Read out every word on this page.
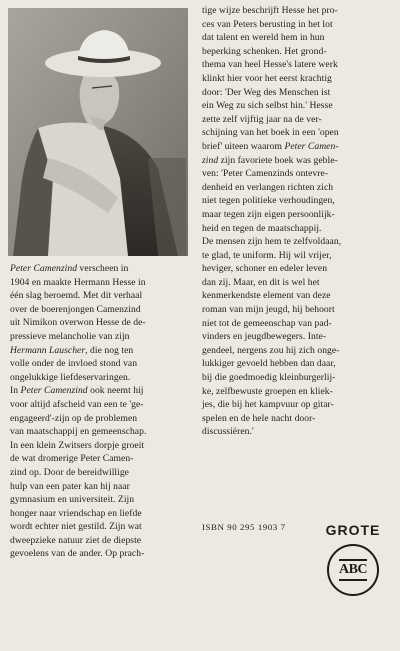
Peter Camenzind verscheen in
1904 en maakte Hermann Hesse in
één slag beroemd. Met dit verhaal
over de boerenjongen Camenzind
uit Nimikon overwon Hesse de de-
pressieve melancholie van zijn
Hermann Lauscher, die nog ten
volle onder de invloed stond van
ongelukkige liefdeservaringen.
In Peter Camenzind ook neemt hij
voor altijd afscheid van een te 'ge-
engageerd'-zijn op de problemen
van maatschappij en gemeenschap.
In een klein Zwitsers dorpje groeit
de wat dromerige Peter Camen-
zind op. Door de bereidwillige
hulp van een pater kan hij naar
gymnasium en universiteit. Zijn
honger naar vriendschap en liefde
wordt echter niet gestild. Zijn wat
dweepzieke natuur ziet de diepste
gevoelens van de ander. Op prach-
tige wijze beschrijft Hesse het pro-
ces van Peters berusting in het lot
dat talent en wereld hem in hun
beperking schenken. Het grond-
thema van heel Hesse's latere werk
klinkt hier voor het eerst krachtig
door: 'Der Weg des Menschen ist
ein Weg zu sich selbst hin.' Hesse
zette zelf vijftig jaar na de ver-
schijning van het boek in een 'open
brief' uiteen waarom Peter Camen-
zind zijn favoriete boek was geble-
ven: 'Peter Camenzinds ontevre-
denheid en verlangen richten zich
niet tegen politieke verhoudingen,
maar tegen zijn eigen persoonlijk-
heid en tegen de maatschappij.
De mensen zijn hem te zelfvoldaan,
te glad, te uniform. Hij wil vrijer,
heviger, schoner en edeler leven
dan zij. Maar, en dit is wel het
kenmerkendste element van deze
roman van mijn jeugd, hij behoort
niet tot de gemeenschap van pad-
vinders en jeugdbewegers. Inte-
gendeel, nergens zou hij zich onge-
lukkiger gevoeld hebben dan daar,
bij die goedmoedig kleinburgerlij-
ke, zelfbewuste groepen en kliek-
jes, die bij het kampvuur op gitar-
spelen en de hele nacht door-
discussiëren.'
ISBN 90 295 1903 7	GROTE
ABC
